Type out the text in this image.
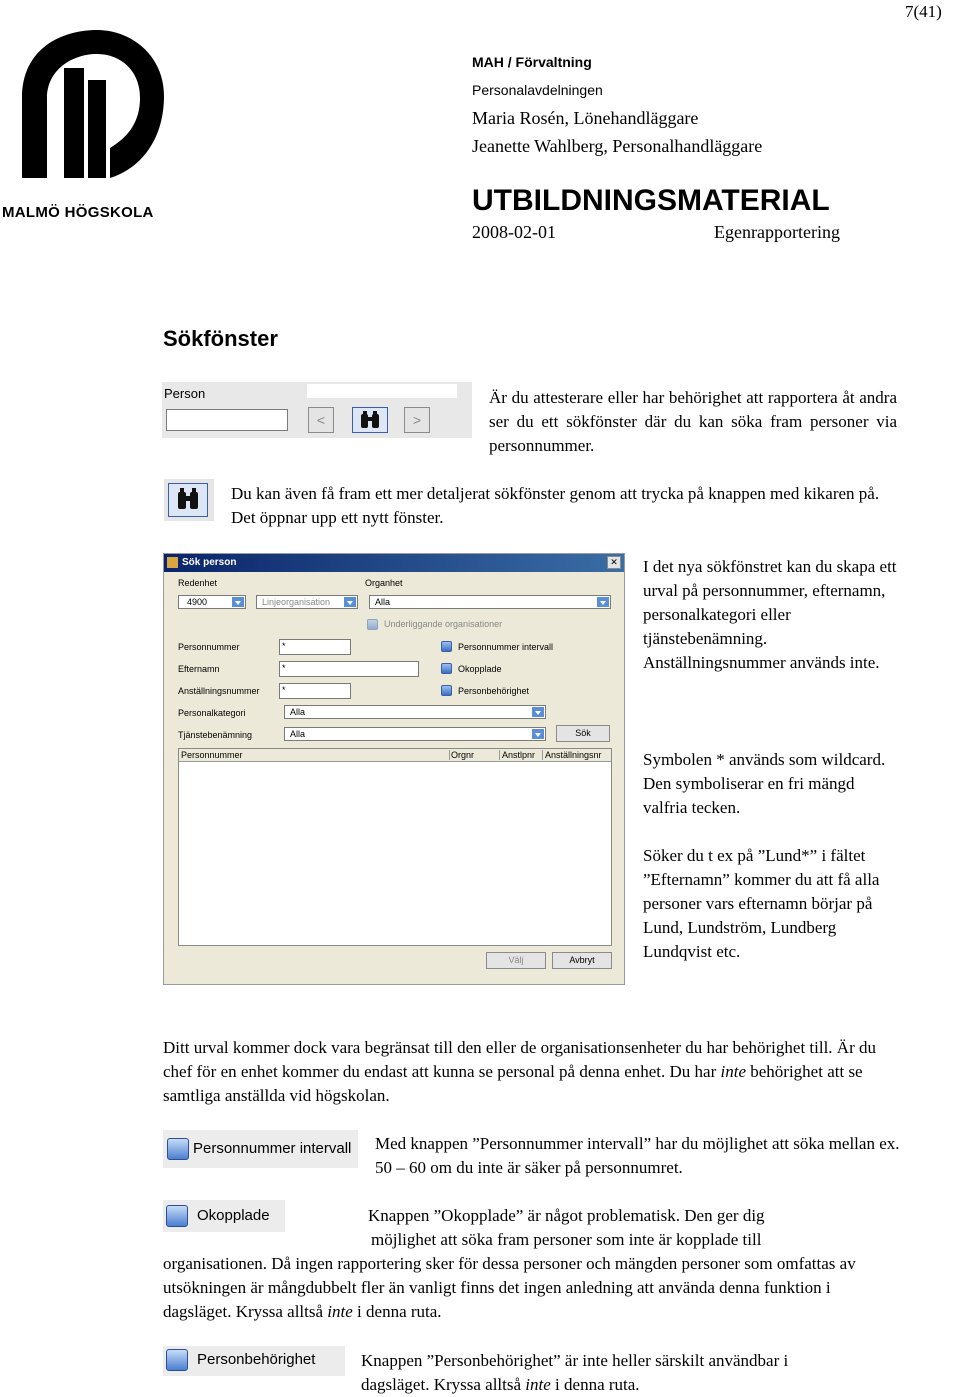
7(41)
MALMÖ HÖGSKOLA
MAH / Förvaltning
Personalavdelningen
Maria Rosén, Lönehandläggare
Jeanette Wahlberg, Personalhandläggare
UTBILDNINGSMATERIAL
2008-02-01	Egenrapportering
Sökfönster
Person
<	>
Är du attesterare eller har behörighet att rapportera åt andra ser du ett sökfönster där du kan söka fram personer via personnummer.
Du kan även få fram ett mer detaljerat sökfönster genom att trycka på knappen med kikaren på. Det öppnar upp ett nytt fönster.
Sök person	✕
Redenhet
4900	Linjeorganisation
Organhet
Alla
Underliggande organisationer
Personnummer	*
Efternamn	*
Anställningsnummer	*
Personnummer intervall
Okopplade
Personbehörighet
Personalkategori	Alla
Tjänstebenämning	Alla	Sök
Personnummer	Orgnr	Anstlpnr	Anställningsnr
Välj	Avbryt
I det nya sökfönstret kan du skapa ett urval på personnummer, efternamn, personalkategori eller tjänstebenämning. Anställningsnummer används inte.
Symbolen * används som wildcard. Den symboliserar en fri mängd valfria tecken.
Söker du t ex på ”Lund*” i fältet ”Efternamn” kommer du att få alla personer vars efternamn börjar på Lund, Lundström, Lundberg Lundqvist etc.
Ditt urval kommer dock vara begränsat till den eller de organisationsenheter du har behörighet till. Är du chef för en enhet kommer du endast att kunna se personal på denna enhet. Du har inte behörighet att se samtliga anställda vid högskolan.
Personnummer intervall Med knappen ”Personnummer intervall” har du möjlighet att söka mellan ex. 50 – 60 om du inte är säker på personnumret.
Okopplade	Knappen ”Okopplade” är något problematisk. Den ger dig
möjlighet att söka fram personer som inte är kopplade till
organisationen. Då ingen rapportering sker för dessa personer och mängden personer som omfattas av utsökningen är mångdubbelt fler än vanligt finns det ingen anledning att använda denna funktion i dagsläget. Kryssa alltså inte i denna ruta.
Personbehörighet	Knappen ”Personbehörighet” är inte heller särskilt användbar i
dagsläget. Kryssa alltså inte i denna ruta.
